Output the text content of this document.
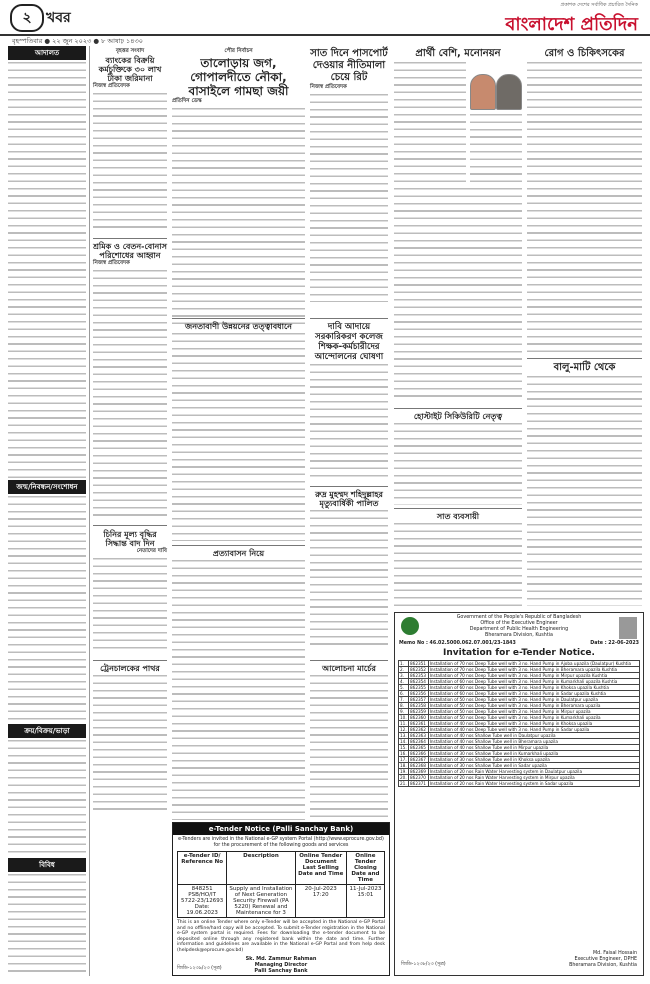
২	খবর
বৃহস্পতিবার ● ২২ জুন ২০২৩ ● ৮ আষাঢ় ১৪৩০
প্রকাশক দেশের সর্বাধিক প্রচারিত দৈনিক
বাংলাদেশ প্রতিদিন
আদালত
জন্ম/নিবন্ধন/সংশোধন
ক্রয়/বিক্রয়/ভাড়া
বিবিধ
বৃহত্তর সংবাদ
ব্যাংকের বিক্রয়ি কর্মচুক্তিকে ৩০ লাখ টাকা জরিমানা
নিজস্ব প্রতিবেদক
শ্রমিক ও বেতন-বোনাস পরিশোধের আহ্বান
নিজস্ব প্রতিবেদক
চিনির মূল্য বৃদ্ধির সিদ্ধান্ত বাদ দিন
নেতাদের দাবি
ট্রেনচালকের পাথর
পৌর নির্বাচন
তালোড়ায় জগ, গোপালদীতে নৌকা, বাসাইলে গামছা জয়ী
প্রতিদিন ডেস্ক
জনতাবাণী উন্নয়নের তত্ত্বাবধানে
প্রত্যাবাসন নিয়ে
সাত দিনে পাসপোর্ট দেওয়ার নীতিমালা চেয়ে রিট
নিজস্ব প্রতিবেদক
দাবি আদায়ে সরকারিকরণ কলেজ শিক্ষক-কর্মচারীদের আন্দোলনের ঘোষণা
রুদ্র মুহম্মদ শহিদুল্লাহর মৃত্যুবার্ষিকী পালিত
আলোচনা মার্চের
প্রার্থী বেশি, মনোনয়ন
হোস্টাইট সিকিউরিটি নেতৃত্ব
সাত ব্যবসায়ী
রোগ ও চিকিৎসকের
বালু-মাটি থেকে
Government of the People's Republic of Bangladesh
Office of the Executive Engineer
Department of Public Health Engineering
Bheramara Division, Kushtia
Memo No : 46.02.5000.062.07.001/23-1843	Date : 22-06-2023
Invitation for e-Tender Notice.
1.	862351	Installation of 70 nos Deep Tube well with 3 no. Hand Pump in Ajoba upazila (Daulatpur) Kushtia
2.	862352	Installation of 70 nos Deep Tube well with 3 no. Hand Pump in Bheramara upazila Kushtia
3.	862353	Installation of 70 nos Deep Tube well with 3 no. Hand Pump in Mirpur upazila Kushtia
4.	862354	Installation of 60 nos Deep Tube well with 3 no. Hand Pump in Kumarkhali upazila Kushtia
5.	862355	Installation of 60 nos Deep Tube well with 3 no. Hand Pump in Khoksa upazila Kushtia
6.	862356	Installation of 60 nos Deep Tube well with 3 no. Hand Pump in Sadar upazila Kushtia
7.	862357	Installation of 50 nos Deep Tube well with 3 no. Hand Pump in Daulatpur upazila
8.	862358	Installation of 50 nos Deep Tube well with 3 no. Hand Pump in Bheramara upazila
9.	862359	Installation of 50 nos Deep Tube well with 3 no. Hand Pump in Mirpur upazila
10.	862360	Installation of 50 nos Deep Tube well with 3 no. Hand Pump in Kumarkhali upazila
11.	862361	Installation of 40 nos Deep Tube well with 3 no. Hand Pump in Khoksa upazila
12.	862362	Installation of 40 nos Deep Tube well with 3 no. Hand Pump in Sadar upazila
13.	862363	Installation of 40 nos Shallow Tube well in Daulatpur upazila
14.	862364	Installation of 40 nos Shallow Tube well in Bheramara upazila
15.	862365	Installation of 40 nos Shallow Tube well in Mirpur upazila
16.	862366	Installation of 30 nos Shallow Tube well in Kumarkhali upazila
17.	862367	Installation of 30 nos Shallow Tube well in Khoksa upazila
18.	862368	Installation of 30 nos Shallow Tube well in Sadar upazila
19.	862369	Installation of 20 nos Rain Water Harvesting system in Daulatpur upazila
20.	862370	Installation of 20 nos Rain Water Harvesting system in Mirpur upazila
21.	862371	Installation of 20 nos Rain Water Harvesting system in Sadar upazila
Md. Faisal Hossain
Executive Engineer, DPHE
Bheramara Division, Kushtia
জিডি-১২৩৮/২৩ (সূত্র)
e-Tender Notice (Palli Sanchay Bank)
e-Tenders are invited in the National e-GP system Portal (http://www.eprocure.gov.bd) for the procurement of the following goods and services
e-Tender ID/ Reference No	Description	Online Tender Document Last Selling Date and Time	Online Tender Closing Date and Time
848251 PSB/HO/IT 5722-23/12693 Date: 19.06.2023	Supply and Installation of Next Generation Security Firewall (PA 5220) Renewal and Maintenance for 3	20-Jul-2023 17:20	11-Jul-2023 15:01
This is an online Tender where only e-Tender will be accepted in the National e-GP Portal and no offline/hard copy will be accepted. To submit e-Tender registration in the National e-GP system portal is required. Fees for downloading the e-tender document to be deposited online through any registered bank within the date and time. Further information and guidelines are available in the National e-GP Portal and from help desk (helpdesk@eprocure.gov.bd)
Sk. Md. Zammur Rahman
Managing Director
Palli Sanchay Bank
জিডি-১২৩৯/২৩ (সূত্র)
